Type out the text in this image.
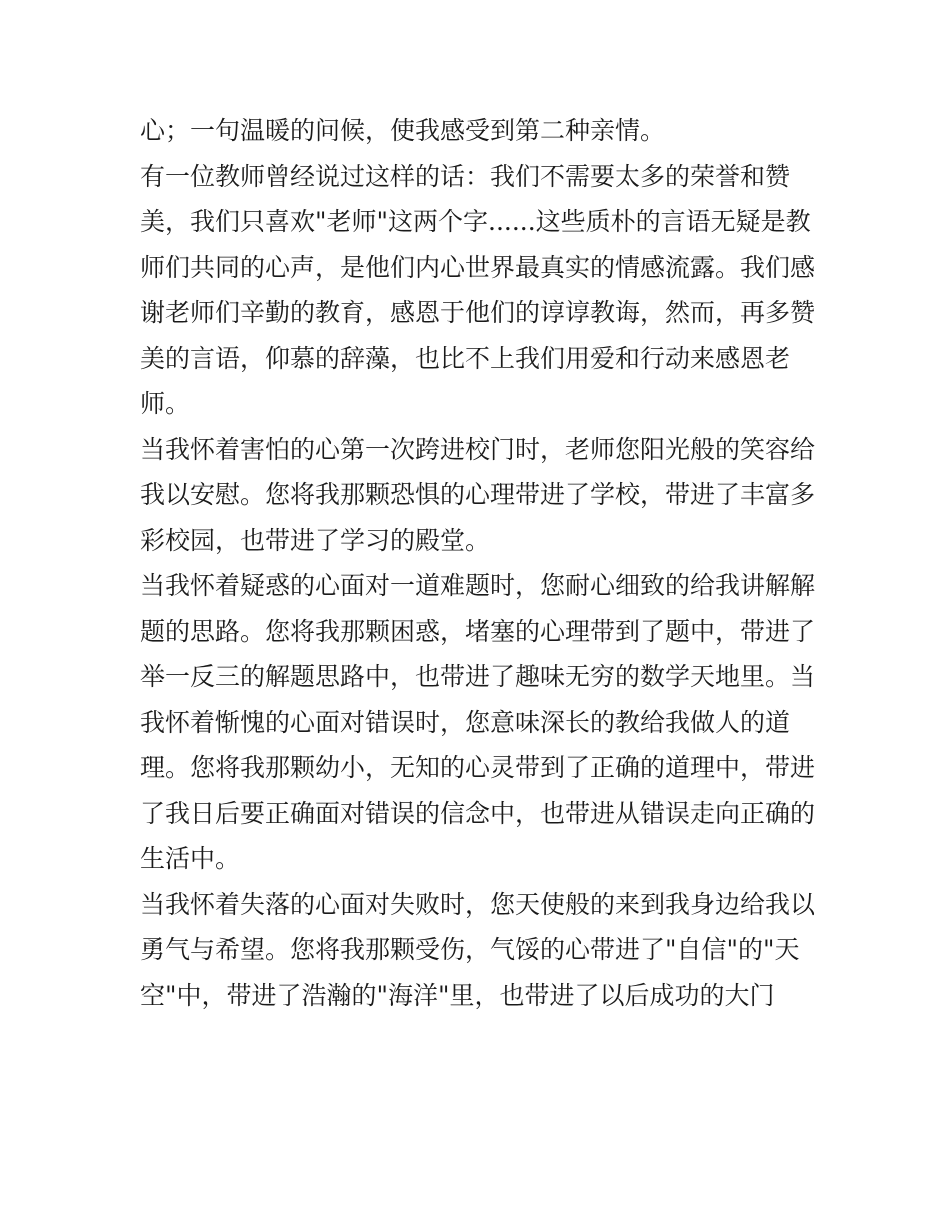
心；一句温暖的问候，使我感受到第二种亲情。

有一位教师曾经说过这样的话：我们不需要太多的荣誉和赞

美，我们只喜欢"老师"这两个字......这些质朴的言语无疑是教

师们共同的心声，是他们内心世界最真实的情感流露。我们感

谢老师们辛勤的教育，感恩于他们的谆谆教诲，然而，再多赞

美的言语，仰慕的辞藻，也比不上我们用爱和行动来感恩老

师。

当我怀着害怕的心第一次跨进校门时，老师您阳光般的笑容给

我以安慰。您将我那颗恐惧的心理带进了学校，带进了丰富多

彩校园，也带进了学习的殿堂。

当我怀着疑惑的心面对一道难题时，您耐心细致的给我讲解解

题的思路。您将我那颗困惑，堵塞的心理带到了题中，带进了

举一反三的解题思路中，也带进了趣味无穷的数学天地里。当

我怀着惭愧的心面对错误时，您意味深长的教给我做人的道

理。您将我那颗幼小，无知的心灵带到了正确的道理中，带进

了我日后要正确面对错误的信念中，也带进从错误走向正确的

生活中。

当我怀着失落的心面对失败时，您天使般的来到我身边给我以

勇气与希望。您将我那颗受伤，气馁的心带进了"自信"的"天

空"中，带进了浩瀚的"海洋"里，也带进了以后成功的大门
